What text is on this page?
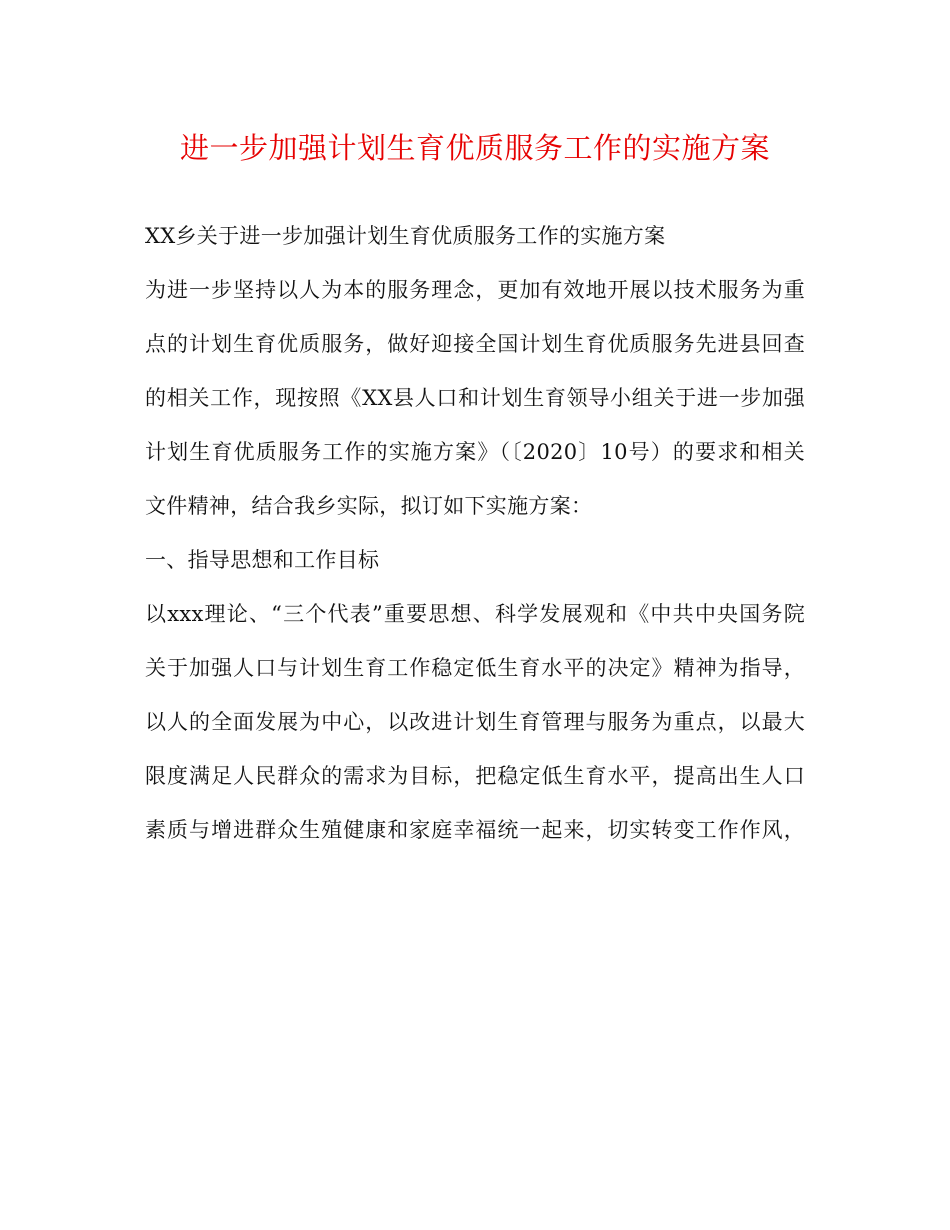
进一步加强计划生育优质服务工作的实施方案

XX乡关于进一步加强计划生育优质服务工作的实施方案

为进一步坚持以人为本的服务理念，更加有效地开展以技术服务为重

点的计划生育优质服务，做好迎接全国计划生育优质服务先进县回查

的相关工作，现按照《XX县人口和计划生育领导小组关于进一步加强

计划生育优质服务工作的实施方案》（〔2020〕10号）的要求和相关

文件精神，结合我乡实际，拟订如下实施方案：

一、指导思想和工作目标

以xxx理论、“三个代表”重要思想、科学发展观和《中共中央国务院

关于加强人口与计划生育工作稳定低生育水平的决定》精神为指导，

以人的全面发展为中心，以改进计划生育管理与服务为重点，以最大

限度满足人民群众的需求为目标，把稳定低生育水平，提高出生人口

素质与增进群众生殖健康和家庭幸福统一起来，切实转变工作作风，
